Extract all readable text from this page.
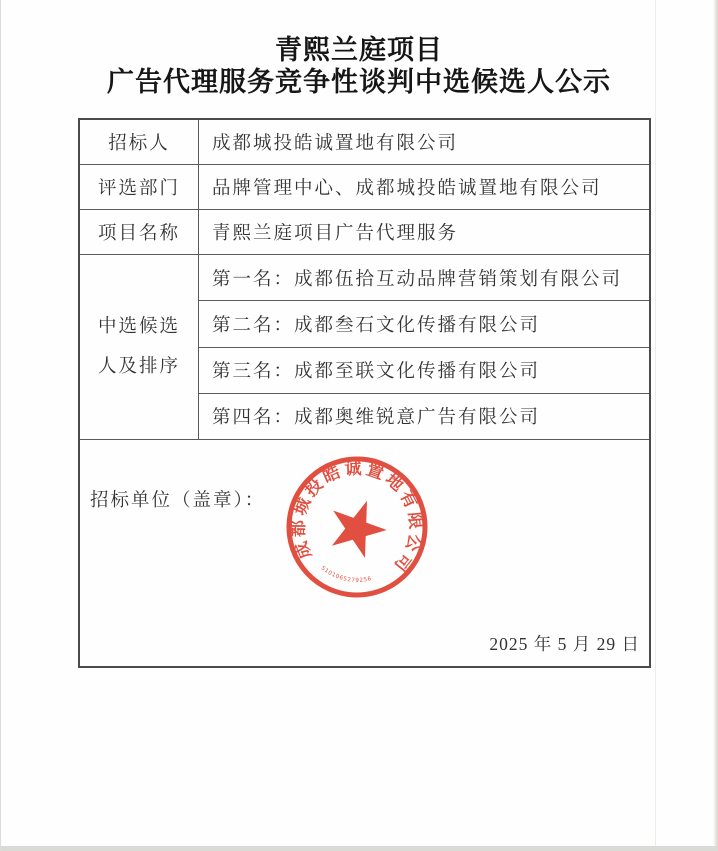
青熙兰庭项目
广告代理服务竞争性谈判中选候选人公示
招标人	成都城投皓诚置地有限公司
评选部门	品牌管理中心、成都城投皓诚置地有限公司
项目名称	青熙兰庭项目广告代理服务
中选候选
人及排序
第一名：成都伍拾互动品牌营销策划有限公司
第二名：成都叁石文化传播有限公司
第三名：成都至联文化传播有限公司
第四名：成都奥维锐意广告有限公司
招标单位（盖章）：
2025 年 5 月 29 日
成都城投皓诚置地有限公司
5101065279256
